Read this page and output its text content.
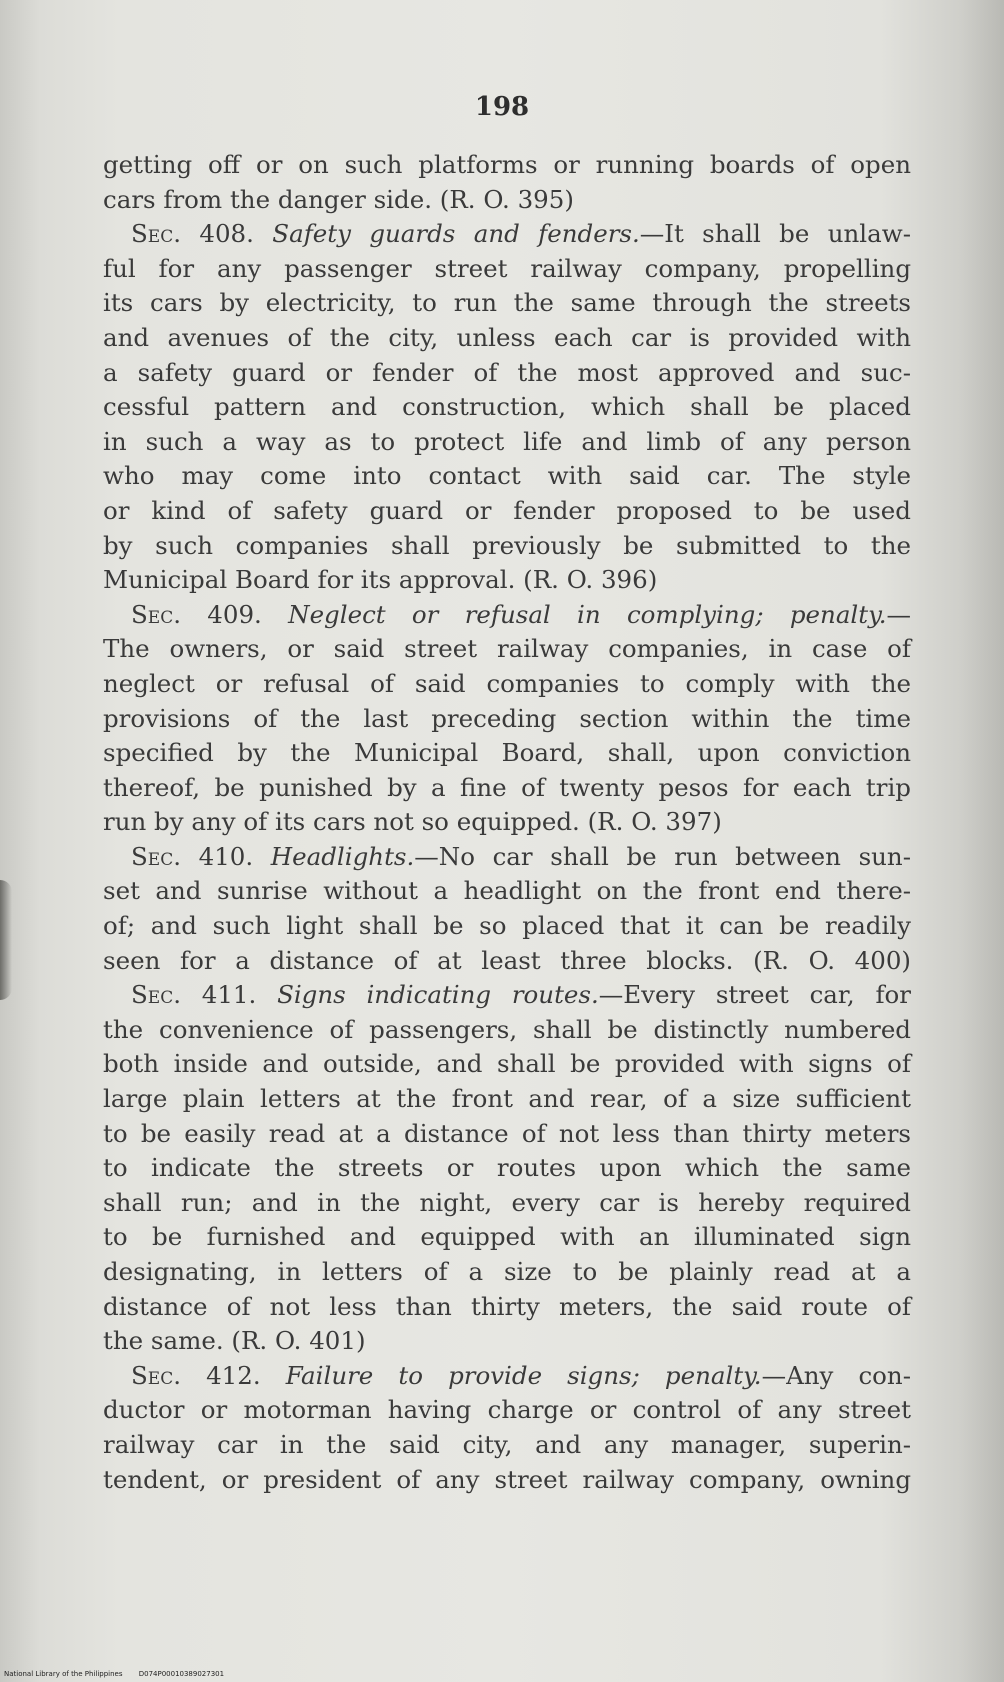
198
getting off or on such platforms or running boards of open
cars from the danger side. (R. O. 395)
Sec. 408. Safety guards and fenders.—It shall be unlaw-
ful for any passenger street railway company, propelling
its cars by electricity, to run the same through the streets
and avenues of the city, unless each car is provided with
a safety guard or fender of the most approved and suc-
cessful pattern and construction, which shall be placed
in such a way as to protect life and limb of any person
who may come into contact with said car. The style
or kind of safety guard or fender proposed to be used
by such companies shall previously be submitted to the
Municipal Board for its approval. (R. O. 396)
Sec. 409. Neglect or refusal in complying; penalty.—
The owners, or said street railway companies, in case of
neglect or refusal of said companies to comply with the
provisions of the last preceding section within the time
specified by the Municipal Board, shall, upon conviction
thereof, be punished by a fine of twenty pesos for each trip
run by any of its cars not so equipped. (R. O. 397)
Sec. 410. Headlights.—No car shall be run between sun-
set and sunrise without a headlight on the front end there-
of; and such light shall be so placed that it can be readily
seen for a distance of at least three blocks. (R. O. 400)
Sec. 411. Signs indicating routes.—Every street car, for
the convenience of passengers, shall be distinctly numbered
both inside and outside, and shall be provided with signs of
large plain letters at the front and rear, of a size sufficient
to be easily read at a distance of not less than thirty meters
to indicate the streets or routes upon which the same
shall run; and in the night, every car is hereby required
to be furnished and equipped with an illuminated sign
designating, in letters of a size to be plainly read at a
distance of not less than thirty meters, the said route of
the same. (R. O. 401)
Sec. 412. Failure to provide signs; penalty.—Any con-
ductor or motorman having charge or control of any street
railway car in the said city, and any manager, superin-
tendent, or president of any street railway company, owning
National Library of the Philippines D074P00010389027301
